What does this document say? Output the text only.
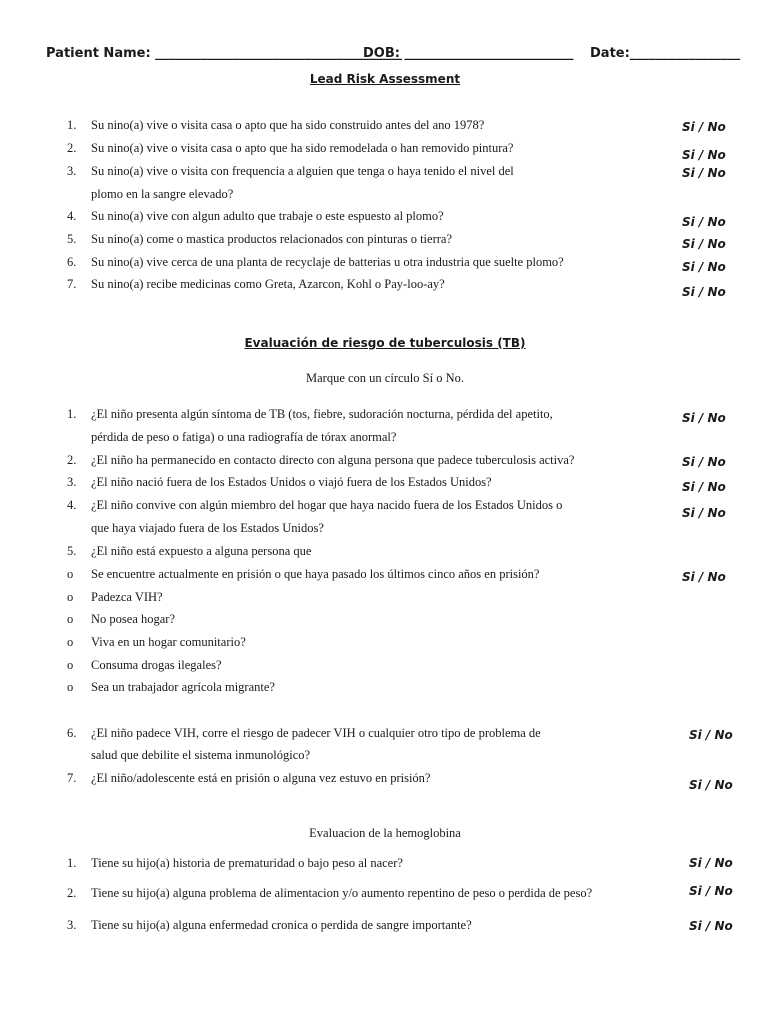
Patient Name: ______________________________________
DOB: __________________________ Date:_________________
Lead Risk Assessment
1. Su nino(a) vive o visita casa o apto que ha sido construido antes del ano 1978?	Si / No
2. Su nino(a) vive o visita casa o apto que ha sido remodelada o han removido pintura?	Si / No
3. Su nino(a) vive o visita con frequencia a alguien que tenga o haya tenido el nivel del
plomo en la sangre elevado?
Si / No
4. Su nino(a) vive con algun adulto que trabaje o este espuesto al plomo?	Si / No
5. Su nino(a) come o mastica productos relacionados con pinturas o tierra?	Si / No
6. Su nino(a) vive cerca de una planta de recyclaje de batterias u otra industria que suelte plomo?	Si / No
7. Su nino(a) recibe medicinas como Greta, Azarcon, Kohl o Pay-loo-ay?
Si / No
Evaluación de riesgo de tuberculosis (TB)
Marque con un círculo Sí o No.
1. ¿El niño presenta algún síntoma de TB (tos, fiebre, sudoración nocturna, pérdida del apetito,
pérdida de peso o fatiga) o una radiografía de tórax anormal?
Si / No
2. ¿El niño ha permanecido en contacto directo con alguna persona que padece tuberculosis activa?	Si / No
3. ¿El niño nació fuera de los Estados Unidos o viajó fuera de los Estados Unidos?	Si / No
4. ¿El niño convive con algún miembro del hogar que haya nacido fuera de los Estados Unidos o
que haya viajado fuera de los Estados Unidos?
Si / No
5. ¿El niño está expuesto a alguna persona que
o Se encuentre actualmente en prisión o que haya pasado los últimos cinco años en prisión?	Si / No
o Padezca VIH?
o No posea hogar?
o Viva en un hogar comunitario?
o Consuma drogas ilegales?
o Sea un trabajador agrícola migrante?
6. ¿El niño padece VIH, corre el riesgo de padecer VIH o cualquier otro tipo de problema de
salud que debilite el sistema inmunológico?
Si / No
7. ¿El niño/adolescente está en prisión o alguna vez estuvo en prisión?	Si / No
Evaluacion de la hemoglobina
1. Tiene su hijo(a) historia de prematuridad o bajo peso al nacer?	Si / No
2. Tiene su hijo(a) alguna problema de alimentacion y/o aumento repentino de peso o perdida de peso?	Si / No
3. Tiene su hijo(a) alguna enfermedad cronica o perdida de sangre importante?	Si / No
